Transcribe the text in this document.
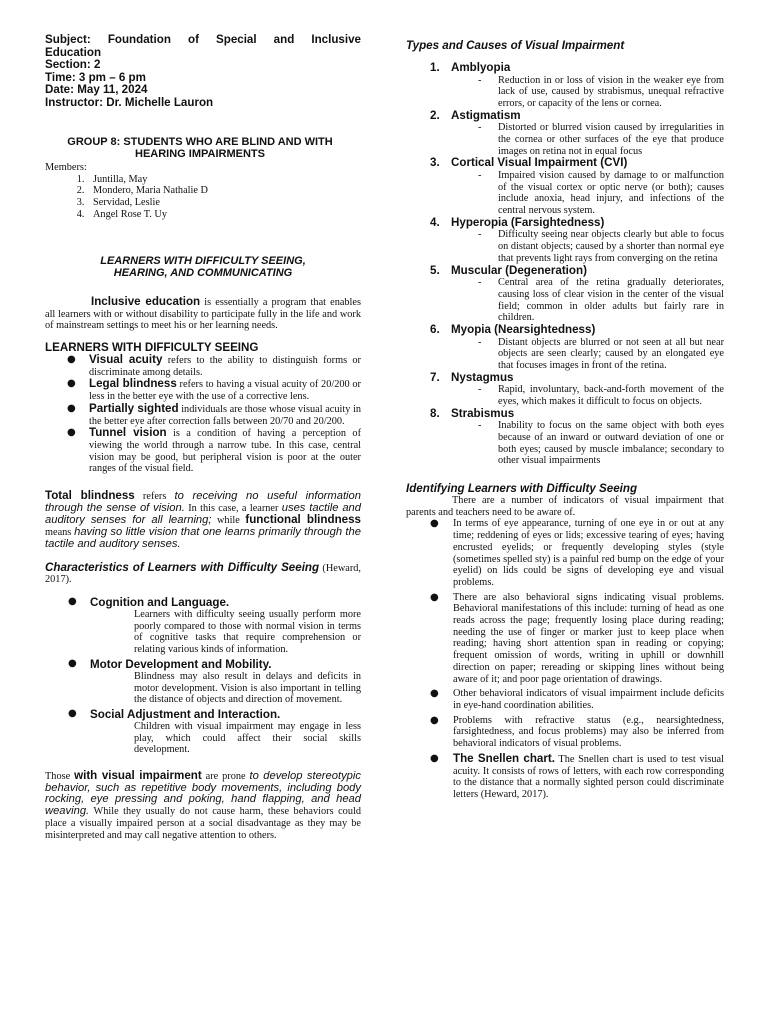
Subject: Foundation of Special and Inclusive
Education
Section: 2
Time: 3 pm – 6 pm
Date: May 11, 2024
Instructor: Dr. Michelle Lauron
GROUP 8: STUDENTS WHO ARE BLIND AND WITH HEARING IMPAIRMENTS
Members:
1. Juntilla, May
2. Mondero, Maria Nathalie D
3. Servidad, Leslie
4. Angel Rose T. Uy
LEARNERS WITH DIFFICULTY SEEING, HEARING, AND COMMUNICATING
Inclusive education is essentially a program that enables all learners with or without disability to participate fully in the life and work of mainstream settings to meet his or her learning needs.
LEARNERS WITH DIFFICULTY SEEING
● Visual acuity refers to the ability to distinguish forms or discriminate among details.
● Legal blindness refers to having a visual acuity of 20/200 or less in the better eye with the use of a corrective lens.
● Partially sighted individuals are those whose visual acuity in the better eye after correction falls between 20/70 and 20/200.
● Tunnel vision is a condition of having a perception of viewing the world through a narrow tube. In this case, central vision may be good, but peripheral vision is poor at the outer ranges of the visual field.
Total blindness refers to receiving no useful information through the sense of vision. In this case, a learner uses tactile and auditory senses for all learning; while functional blindness means having so little vision that one learns primarily through the tactile and auditory senses.
Characteristics of Learners with Difficulty Seeing (Heward, 2017).
● Cognition and Language.
Learners with difficulty seeing usually perform more poorly compared to those with normal vision in terms of cognitive tasks that require comprehension or relating various kinds of information.
● Motor Development and Mobility.
Blindness may also result in delays and deficits in motor development. Vision is also important in telling the distance of objects and direction of movement.
● Social Adjustment and Interaction.
Children with visual impairment may engage in less play, which could affect their social skills development.
Those with visual impairment are prone to develop stereotypic behavior, such as repetitive body movements, including body rocking, eye pressing and poking, hand flapping, and head weaving. While they usually do not cause harm, these behaviors could place a visually impaired person at a social disadvantage as they may be misinterpreted and may call negative attention to others.
Types and Causes of Visual Impairment
1. Amblyopia
- Reduction in or loss of vision in the weaker eye from lack of use, caused by strabismus, unequal refractive errors, or capacity of the lens or cornea.
2. Astigmatism
- Distorted or blurred vision caused by irregularities in the cornea or other surfaces of the eye that produce images on retina not in equal focus
3. Cortical Visual Impairment (CVI)
- Impaired vision caused by damage to or malfunction of the visual cortex or optic nerve (or both); causes include anoxia, head injury, and infections of the central nervous system.
4. Hyperopia (Farsightedness)
- Difficulty seeing near objects clearly but able to focus on distant objects; caused by a shorter than normal eye that prevents light rays from converging on the retina
5. Muscular (Degeneration)
- Central area of the retina gradually deteriorates, causing loss of clear vision in the center of the visual field; common in older adults but fairly rare in children.
6. Myopia (Nearsightedness)
- Distant objects are blurred or not seen at all but near objects are seen clearly; caused by an elongated eye that focuses images in front of the retina.
7. Nystagmus
- Rapid, involuntary, back-and-forth movement of the eyes, which makes it difficult to focus on objects.
8. Strabismus
- Inability to focus on the same object with both eyes because of an inward or outward deviation of one or both eyes; caused by muscle imbalance; secondary to other visual impairments
Identifying Learners with Difficulty Seeing
There are a number of indicators of visual impairment that parents and teachers need to be aware of.
● In terms of eye appearance, turning of one eye in or out at any time; reddening of eyes or lids; excessive tearing of eyes; having encrusted eyelids; or frequently developing styles (style (sometimes spelled sty) is a painful red bump on the edge of your eyelid) on lids could be signs of developing eye and visual problems.
● There are also behavioral signs indicating visual problems. Behavioral manifestations of this include: turning of head as one reads across the page; frequently losing place during reading; needing the use of finger or marker just to keep place when reading; having short attention span in reading or copying; frequent omission of words, writing in uphill or downhill direction on paper; rereading or skipping lines without being aware of it; and poor page orientation of drawings.
● Other behavioral indicators of visual impairment include deficits in eye-hand coordination abilities.
● Problems with refractive status (e.g., nearsightedness, farsightedness, and focus problems) may also be inferred from behavioral indicators of visual problems.
● The Snellen chart. The Snellen chart is used to test visual acuity. It consists of rows of letters, with each row corresponding to the distance that a normally sighted person could discriminate letters (Heward, 2017).
